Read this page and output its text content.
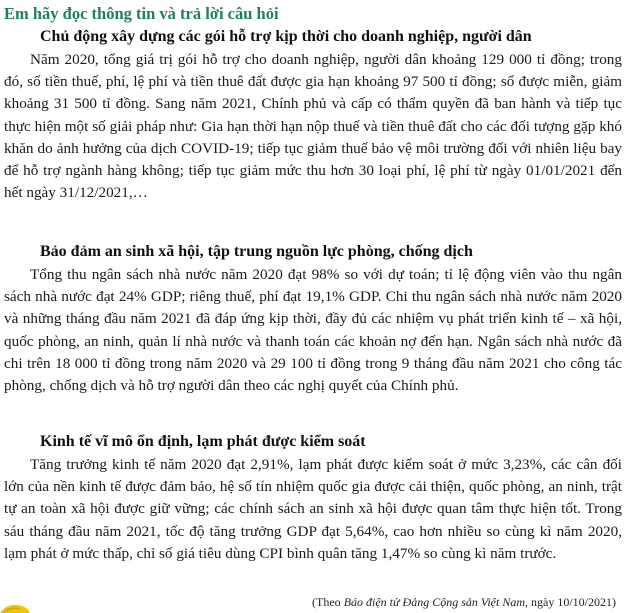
Em hãy đọc thông tin và trả lời câu hỏi
Chủ động xây dựng các gói hỗ trợ kịp thời cho doanh nghiệp, người dân

Năm 2020, tổng giá trị gói hỗ trợ cho doanh nghiệp, người dân khoảng 129 000 tỉ đồng; trong đó, số tiền thuế, phí, lệ phí và tiền thuê đất được gia hạn khoảng 97 500 tỉ đồng; số được miễn, giảm khoảng 31 500 tỉ đồng. Sang năm 2021, Chính phủ và cấp có thẩm quyền đã ban hành và tiếp tục thực hiện một số giải pháp như: Gia hạn thời hạn nộp thuế và tiền thuê đất cho các đối tượng gặp khó khăn do ảnh hưởng của dịch COVID-19; tiếp tục giảm thuế bảo vệ môi trường đối với nhiên liệu bay để hỗ trợ ngành hàng không; tiếp tục giảm mức thu hơn 30 loại phí, lệ phí từ ngày 01/01/2021 đến hết ngày 31/12/2021,…

Bảo đảm an sinh xã hội, tập trung nguồn lực phòng, chống dịch

Tổng thu ngân sách nhà nước năm 2020 đạt 98% so với dự toán; tỉ lệ động viên vào thu ngân sách nhà nước đạt 24% GDP; riêng thuế, phí đạt 19,1% GDP. Chi thu ngân sách nhà nước năm 2020 và những tháng đầu năm 2021 đã đáp ứng kịp thời, đầy đủ các nhiệm vụ phát triển kinh tế – xã hội, quốc phòng, an ninh, quản lí nhà nước và thanh toán các khoản nợ đến hạn. Ngân sách nhà nước đã chi trên 18 000 tỉ đồng trong năm 2020 và 29 100 tỉ đồng trong 9 tháng đầu năm 2021 cho công tác phòng, chống dịch và hỗ trợ người dân theo các nghị quyết của Chính phủ.

Kinh tế vĩ mô ổn định, lạm phát được kiểm soát

Tăng trưởng kinh tế năm 2020 đạt 2,91%, lạm phát được kiểm soát ở mức 3,23%, các cân đối lớn của nền kinh tế được đảm bảo, hệ số tín nhiệm quốc gia được cải thiện, quốc phòng, an ninh, trật tự an toàn xã hội được giữ vững; các chính sách an sinh xã hội được quan tâm thực hiện tốt. Trong sáu tháng đầu năm 2021, tốc độ tăng trưởng GDP đạt 5,64%, cao hơn nhiều so cùng kì năm 2020, lạm phát ở mức thấp, chỉ số giá tiêu dùng CPI bình quân tăng 1,47% so cùng kì năm trước.

(Theo Báo điện tử Đảng Cộng sản Việt Nam, ngày 10/10/2021)
